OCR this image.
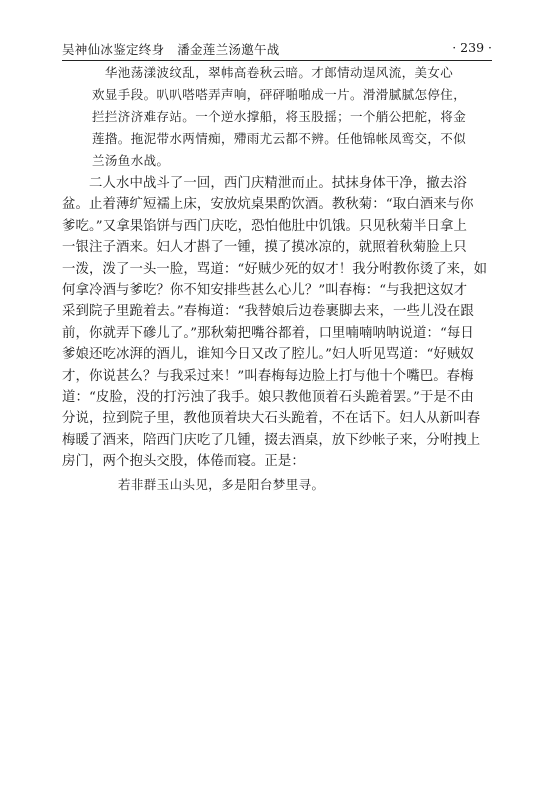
吴神仙冰鉴定终身　潘金莲兰汤邀午战	· 239 ·
　华池荡漾波纹乱，翠帏高卷秋云暗。才郎情动逞风流，美女心
欢显手段。叭叭嗒嗒弄声响，砰砰啪啪成一片。滑滑腻腻怎停住，
拦拦济济难存站。一个逆水撑船，将玉股摇；一个艄公把舵，将金
莲揝。拖泥带水两情痴，殢雨尤云都不辨。任他锦帐凤鸾交，不似
兰汤鱼水战。
　　二人水中战斗了一回，西门庆精泄而止。拭抹身体干净，撤去浴
盆。止着薄纩短襦上床，安放炕桌果酌饮酒。教秋菊：“取白酒来与你
爹吃。”又拿果馅饼与西门庆吃，恐怕他肚中饥饿。只见秋菊半日拿上
一银注子酒来。妇人才斟了一锺，摸了摸冰凉的，就照着秋菊脸上只
一泼，泼了一头一脸，骂道：“好贼少死的奴才！我分咐教你烫了来，如
何拿冷酒与爹吃？你不知安排些甚么心儿？”叫春梅：“与我把这奴才
采到院子里跪着去。”春梅道：“我替娘后边卷裹脚去来，一些儿没在跟
前，你就弄下磣儿了。”那秋菊把嘴谷都着，口里喃喃呐呐说道：“每日
爹娘还吃冰湃的酒儿，谁知今日又改了腔儿。”妇人听见骂道：“好贼奴
才，你说甚么？与我采过来！”叫春梅每边脸上打与他十个嘴巴。春梅
道：“皮脸，没的打污浊了我手。娘只教他顶着石头跪着罢。”于是不由
分说，拉到院子里，教他顶着块大石头跪着，不在话下。妇人从新叫春
梅暖了酒来，陪西门庆吃了几锺，掇去酒桌，放下纱帐子来，分咐拽上
房门，两个抱头交股，体倦而寝。正是：
若非群玉山头见，多是阳台梦里寻。
